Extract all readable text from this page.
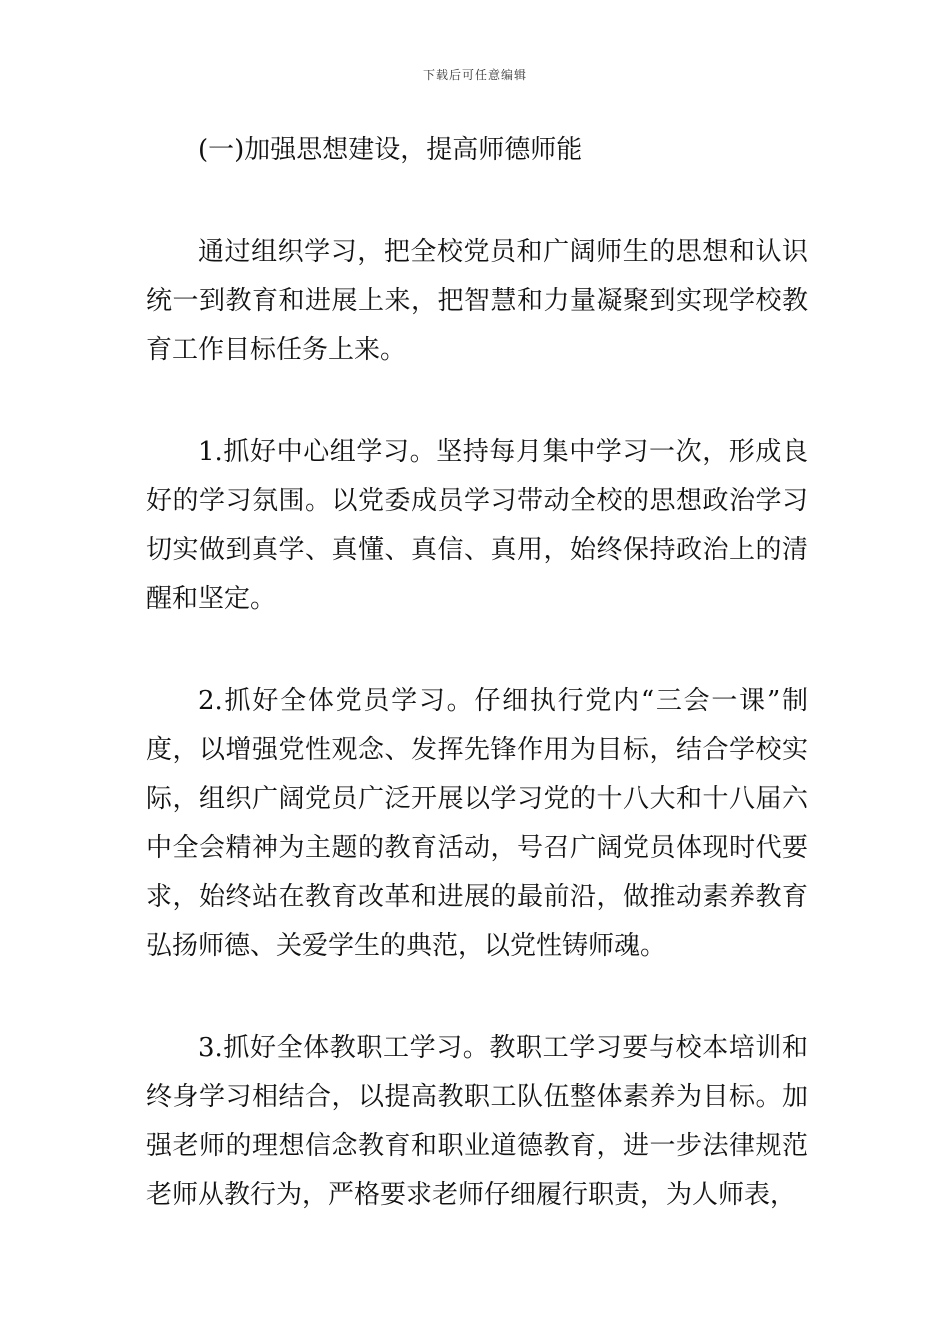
下载后可任意编辑

(一)加强思想建设，提高师德师能

通过组织学习，把全校党员和广阔师生的思想和认识统一到教育和进展上来，把智慧和力量凝聚到实现学校教育工作目标任务上来。

1.抓好中心组学习。坚持每月集中学习一次，形成良好的学习氛围。以党委成员学习带动全校的思想政治学习切实做到真学、真懂、真信、真用，始终保持政治上的清醒和坚定。

2.抓好全体党员学习。仔细执行党内“三会一课”制度，以增强党性观念、发挥先锋作用为目标，结合学校实际，组织广阔党员广泛开展以学习党的十八大和十八届六中全会精神为主题的教育活动，号召广阔党员体现时代要求，始终站在教育改革和进展的最前沿，做推动素养教育弘扬师德、关爱学生的典范，以党性铸师魂。

3.抓好全体教职工学习。教职工学习要与校本培训和终身学习相结合，以提高教职工队伍整体素养为目标。加强老师的理想信念教育和职业道德教育，进一步法律规范老师从教行为，严格要求老师仔细履行职责，为人师表，
